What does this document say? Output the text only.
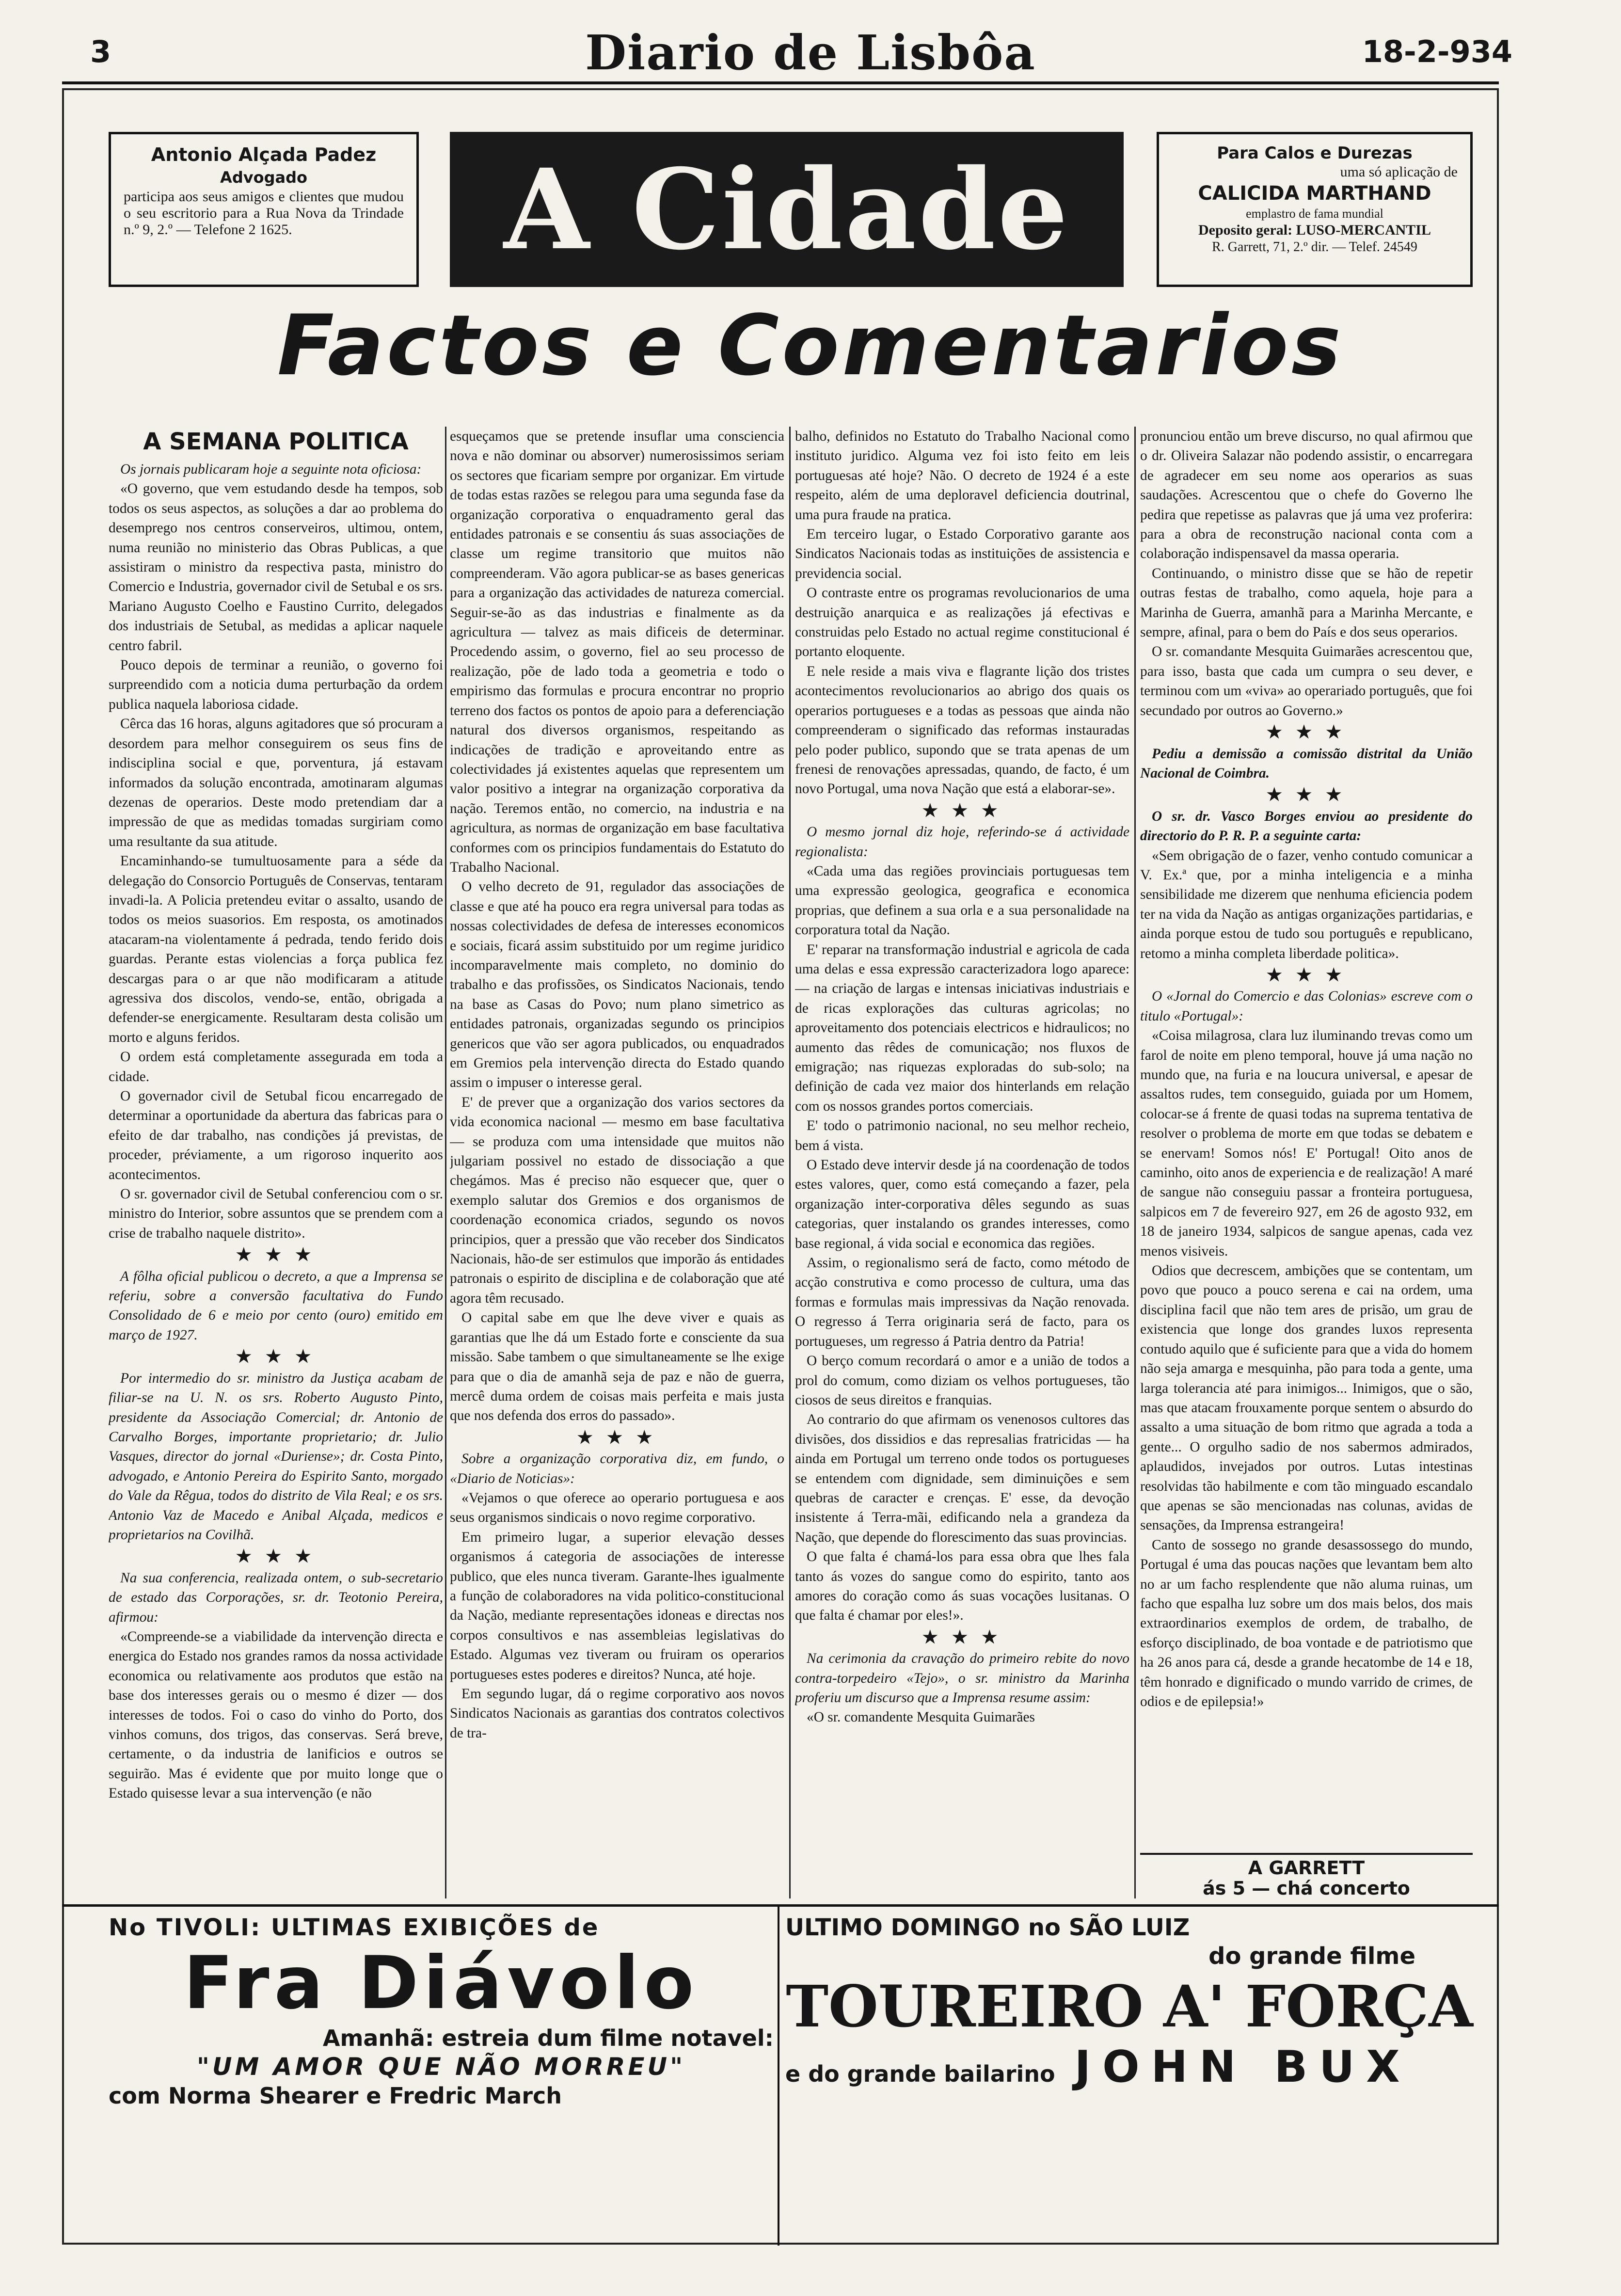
3	Diario de Lisbôa	18-2-934
Antonio Alçada Padez
Advogado
participa aos seus amigos e clientes que mudou o seu escritorio para a Rua Nova da Trindade n.º 9, 2.º — Telefone 2 1625.	A Cidade	Para Calos e Durezas
uma só aplicação de
CALICIDA MARTHAND
emplastro de fama mundial
Deposito geral: LUSO-MERCANTIL
R. Garrett, 71, 2.º dir. — Telef. 24549
Factos e Comentarios
A SEMANA POLITICA

Os jornais publicaram hoje a seguinte nota oficiosa:

«O governo, que vem estudando desde ha tempos, sob todos os seus aspectos, as soluções a dar ao problema do desemprego nos centros conserveiros, ultimou, ontem, numa reunião no ministerio das Obras Publicas, a que assistiram o ministro da respectiva pasta, ministro do Comercio e Industria, governador civil de Setubal e os srs. Mariano Augusto Coelho e Faustino Currito, delegados dos industriais de Setubal, as medidas a aplicar naquele centro fabril.

Pouco depois de terminar a reunião, o governo foi surpreendido com a noticia duma perturbação da ordem publica naquela laboriosa cidade.

Cêrca das 16 horas, alguns agitadores que só procuram a desordem para melhor conseguirem os seus fins de indisciplina social e que, porventura, já estavam informados da solução encontrada, amotinaram algumas dezenas de operarios. Deste modo pretendiam dar a impressão de que as medidas tomadas surgiriam como uma resultante da sua atitude.

Encaminhando-se tumultuosamente para a séde da delegação do Consorcio Português de Conservas, tentaram invadi-la. A Policia pretendeu evitar o assalto, usando de todos os meios suasorios. Em resposta, os amotinados atacaram-na violentamente á pedrada, tendo ferido dois guardas. Perante estas violencias a força publica fez descargas para o ar que não modificaram a atitude agressiva dos discolos, vendo-se, então, obrigada a defender-se energicamente. Resultaram desta colisão um morto e alguns feridos.

O ordem está completamente assegurada em toda a cidade.

O governador civil de Setubal ficou encarregado de determinar a oportunidade da abertura das fabricas para o efeito de dar trabalho, nas condições já previstas, de proceder, préviamente, a um rigoroso inquerito aos acontecimentos.

O sr. governador civil de Setubal conferenciou com o sr. ministro do Interior, sobre assuntos que se prendem com a crise de trabalho naquele distrito».

★ ★ ★

A fôlha oficial publicou o decreto, a que a Imprensa se referiu, sobre a conversão facultativa do Fundo Consolidado de 6 e meio por cento (ouro) emitido em março de 1927.

★ ★ ★

Por intermedio do sr. ministro da Justiça acabam de filiar-se na U. N. os srs. Roberto Augusto Pinto, presidente da Associação Comercial; dr. Antonio de Carvalho Borges, importante proprietario; dr. Julio Vasques, director do jornal «Duriense»; dr. Costa Pinto, advogado, e Antonio Pereira do Espirito Santo, morgado do Vale da Rêgua, todos do distrito de Vila Real; e os srs. Antonio Vaz de Macedo e Anibal Alçada, medicos e proprietarios na Covilhã.

★ ★ ★

Na sua conferencia, realizada ontem, o sub-secretario de estado das Corporações, sr. dr. Teotonio Pereira, afirmou:

«Compreende-se a viabilidade da intervenção directa e energica do Estado nos grandes ramos da nossa actividade economica ou relativamente aos produtos que estão na base dos interesses gerais ou o mesmo é dizer — dos interesses de todos. Foi o caso do vinho do Porto, dos vinhos comuns, dos trigos, das conservas. Será breve, certamente, o da industria de lanificios e outros se seguirão. Mas é evidente que por muito longe que o Estado quisesse levar a sua intervenção (e não

esqueçamos que se pretende insuflar uma consciencia nova e não dominar ou absorver) numerosissimos seriam os sectores que ficariam sempre por organizar. Em virtude de todas estas razões se relegou para uma segunda fase da organização corporativa o enquadramento geral das entidades patronais e se consentiu ás suas associações de classe um regime transitorio que muitos não compreenderam. Vão agora publicar-se as bases genericas para a organização das actividades de natureza comercial. Seguir-se-ão as das industrias e finalmente as da agricultura — talvez as mais dificeis de determinar. Procedendo assim, o governo, fiel ao seu processo de realização, põe de lado toda a geometria e todo o empirismo das formulas e procura encontrar no proprio terreno dos factos os pontos de apoio para a deferenciação natural dos diversos organismos, respeitando as indicações de tradição e aproveitando entre as colectividades já existentes aquelas que representem um valor positivo a integrar na organização corporativa da nação. Teremos então, no comercio, na industria e na agricultura, as normas de organização em base facultativa conformes com os principios fundamentais do Estatuto do Trabalho Nacional.

O velho decreto de 91, regulador das associações de classe e que até ha pouco era regra universal para todas as nossas colectividades de defesa de interesses economicos e sociais, ficará assim substituido por um regime juridico incomparavelmente mais completo, no dominio do trabalho e das profissões, os Sindicatos Nacionais, tendo na base as Casas do Povo; num plano simetrico as entidades patronais, organizadas segundo os principios genericos que vão ser agora publicados, ou enquadrados em Gremios pela intervenção directa do Estado quando assim o impuser o interesse geral.

E' de prever que a organização dos varios sectores da vida economica nacional — mesmo em base facultativa — se produza com uma intensidade que muitos não julgariam possivel no estado de dissociação a que chegámos. Mas é preciso não esquecer que, quer o exemplo salutar dos Gremios e dos organismos de coordenação economica criados, segundo os novos principios, quer a pressão que vão receber dos Sindicatos Nacionais, hão-de ser estimulos que imporão ás entidades patronais o espirito de disciplina e de colaboração que até agora têm recusado.

O capital sabe em que lhe deve viver e quais as garantias que lhe dá um Estado forte e consciente da sua missão. Sabe tambem o que simultaneamente se lhe exige para que o dia de amanhã seja de paz e não de guerra, mercê duma ordem de coisas mais perfeita e mais justa que nos defenda dos erros do passado».

★ ★ ★

Sobre a organização corporativa diz, em fundo, o «Diario de Noticias»:

«Vejamos o que oferece ao operario portuguesa e aos seus organismos sindicais o novo regime corporativo.

Em primeiro lugar, a superior elevação desses organismos á categoria de associações de interesse publico, que eles nunca tiveram. Garante-lhes igualmente a função de colaboradores na vida politico-constitucional da Nação, mediante representações idoneas e directas nos corpos consultivos e nas assembleias legislativas do Estado. Algumas vez tiveram ou fruiram os operarios portugueses estes poderes e direitos? Nunca, até hoje.

Em segundo lugar, dá o regime corporativo aos novos Sindicatos Nacionais as garantias dos contratos colectivos de tra-

balho, definidos no Estatuto do Trabalho Nacional como instituto juridico. Alguma vez foi isto feito em leis portuguesas até hoje? Não. O decreto de 1924 é a este respeito, além de uma deploravel deficiencia doutrinal, uma pura fraude na pratica.

Em terceiro lugar, o Estado Corporativo garante aos Sindicatos Nacionais todas as instituições de assistencia e previdencia social.

O contraste entre os programas revolucionarios de uma destruição anarquica e as realizações já efectivas e construidas pelo Estado no actual regime constitucional é portanto eloquente.

E nele reside a mais viva e flagrante lição dos tristes acontecimentos revolucionarios ao abrigo dos quais os operarios portugueses e a todas as pessoas que ainda não compreenderam o significado das reformas instauradas pelo poder publico, supondo que se trata apenas de um frenesi de renovações apressadas, quando, de facto, é um novo Portugal, uma nova Nação que está a elaborar-se».

★ ★ ★

O mesmo jornal diz hoje, referindo-se á actividade regionalista:

«Cada uma das regiões provinciais portuguesas tem uma expressão geologica, geografica e economica proprias, que definem a sua orla e a sua personalidade na corporatura total da Nação.

E' reparar na transformação industrial e agricola de cada uma delas e essa expressão caracterizadora logo aparece: — na criação de largas e intensas iniciativas industriais e de ricas explorações das culturas agricolas; no aproveitamento dos potenciais electricos e hidraulicos; no aumento das rêdes de comunicação; nos fluxos de emigração; nas riquezas exploradas do sub-solo; na definição de cada vez maior dos hinterlands em relação com os nossos grandes portos comerciais.

E' todo o patrimonio nacional, no seu melhor recheio, bem á vista.

O Estado deve intervir desde já na coordenação de todos estes valores, quer, como está começando a fazer, pela organização inter-corporativa dêles segundo as suas categorias, quer instalando os grandes interesses, como base regional, á vida social e economica das regiões.

Assim, o regionalismo será de facto, como método de acção construtiva e como processo de cultura, uma das formas e formulas mais impressivas da Nação renovada. O regresso á Terra originaria será de facto, para os portugueses, um regresso á Patria dentro da Patria!

O berço comum recordará o amor e a união de todos a prol do comum, como diziam os velhos portugueses, tão ciosos de seus direitos e franquias.

Ao contrario do que afirmam os venenosos cultores das divisões, dos dissidios e das represalias fratricidas — ha ainda em Portugal um terreno onde todos os portugueses se entendem com dignidade, sem diminuições e sem quebras de caracter e crenças. E' esse, da devoção insistente á Terra-mãi, edificando nela a grandeza da Nação, que depende do florescimento das suas provincias.

O que falta é chamá-los para essa obra que lhes fala tanto ás vozes do sangue como do espirito, tanto aos amores do coração como ás suas vocações lusitanas. O que falta é chamar por eles!».

★ ★ ★

Na cerimonia da cravação do primeiro rebite do novo contra-torpedeiro «Tejo», o sr. ministro da Marinha proferiu um discurso que a Imprensa resume assim:

«O sr. comandente Mesquita Guimarães

pronunciou então um breve discurso, no qual afirmou que o dr. Oliveira Salazar não podendo assistir, o encarregara de agradecer em seu nome aos operarios as suas saudações. Acrescentou que o chefe do Governo lhe pedira que repetisse as palavras que já uma vez proferira: para a obra de reconstrução nacional conta com a colaboração indispensavel da massa operaria.

Continuando, o ministro disse que se hão de repetir outras festas de trabalho, como aquela, hoje para a Marinha de Guerra, amanhã para a Marinha Mercante, e sempre, afinal, para o bem do País e dos seus operarios.

O sr. comandante Mesquita Guimarães acrescentou que, para isso, basta que cada um cumpra o seu dever, e terminou com um «viva» ao operariado português, que foi secundado por outros ao Governo.»

★ ★ ★

Pediu a demissão a comissão distrital da União Nacional de Coimbra.

★ ★ ★

O sr. dr. Vasco Borges enviou ao presidente do directorio do P. R. P. a seguinte carta:

«Sem obrigação de o fazer, venho contudo comunicar a V. Ex.ª que, por a minha inteligencia e a minha sensibilidade me dizerem que nenhuma eficiencia podem ter na vida da Nação as antigas organizações partidarias, e ainda porque estou de tudo sou português e republicano, retomo a minha completa liberdade politica».

★ ★ ★

O «Jornal do Comercio e das Colonias» escreve com o titulo «Portugal»:

«Coisa milagrosa, clara luz iluminando trevas como um farol de noite em pleno temporal, houve já uma nação no mundo que, na furia e na loucura universal, e apesar de assaltos rudes, tem conseguido, guiada por um Homem, colocar-se á frente de quasi todas na suprema tentativa de resolver o problema de morte em que todas se debatem e se enervam! Somos nós! E' Portugal! Oito anos de caminho, oito anos de experiencia e de realização! A maré de sangue não conseguiu passar a fronteira portuguesa, salpicos em 7 de fevereiro 927, em 26 de agosto 932, em 18 de janeiro 1934, salpicos de sangue apenas, cada vez menos visiveis.

Odios que decrescem, ambições que se contentam, um povo que pouco a pouco serena e cai na ordem, uma disciplina facil que não tem ares de prisão, um grau de existencia que longe dos grandes luxos representa contudo aquilo que é suficiente para que a vida do homem não seja amarga e mesquinha, pão para toda a gente, uma larga tolerancia até para inimigos... Inimigos, que o são, mas que atacam frouxamente porque sentem o absurdo do assalto a uma situação de bom ritmo que agrada a toda a gente... O orgulho sadio de nos sabermos admirados, aplaudidos, invejados por outros. Lutas intestinas resolvidas tão habilmente e com tão minguado escandalo que apenas se são mencionadas nas colunas, avidas de sensações, da Imprensa estrangeira!

Canto de sossego no grande desassossego do mundo, Portugal é uma das poucas nações que levantam bem alto no ar um facho resplendente que não aluma ruinas, um facho que espalha luz sobre um dos mais belos, dos mais extraordinarios exemplos de ordem, de trabalho, de esforço disciplinado, de boa vontade e de patriotismo que ha 26 anos para cá, desde a grande hecatombe de 14 e 18, têm honrado e dignificado o mundo varrido de crimes, de odios e de epilepsia!»

A GARRETT
ás 5 — chá concerto
No TIVOLI: ULTIMAS EXIBIÇÕES de
Fra Diávolo
Amanhã: estreia dum filme notavel:
"UM AMOR QUE NÃO MORREU"
com Norma Shearer e Fredric March
ULTIMO DOMINGO no SÃO LUIZ
do grande filme
TOUREIRO A' FORÇA
e do grande bailarino JOHN BUX
